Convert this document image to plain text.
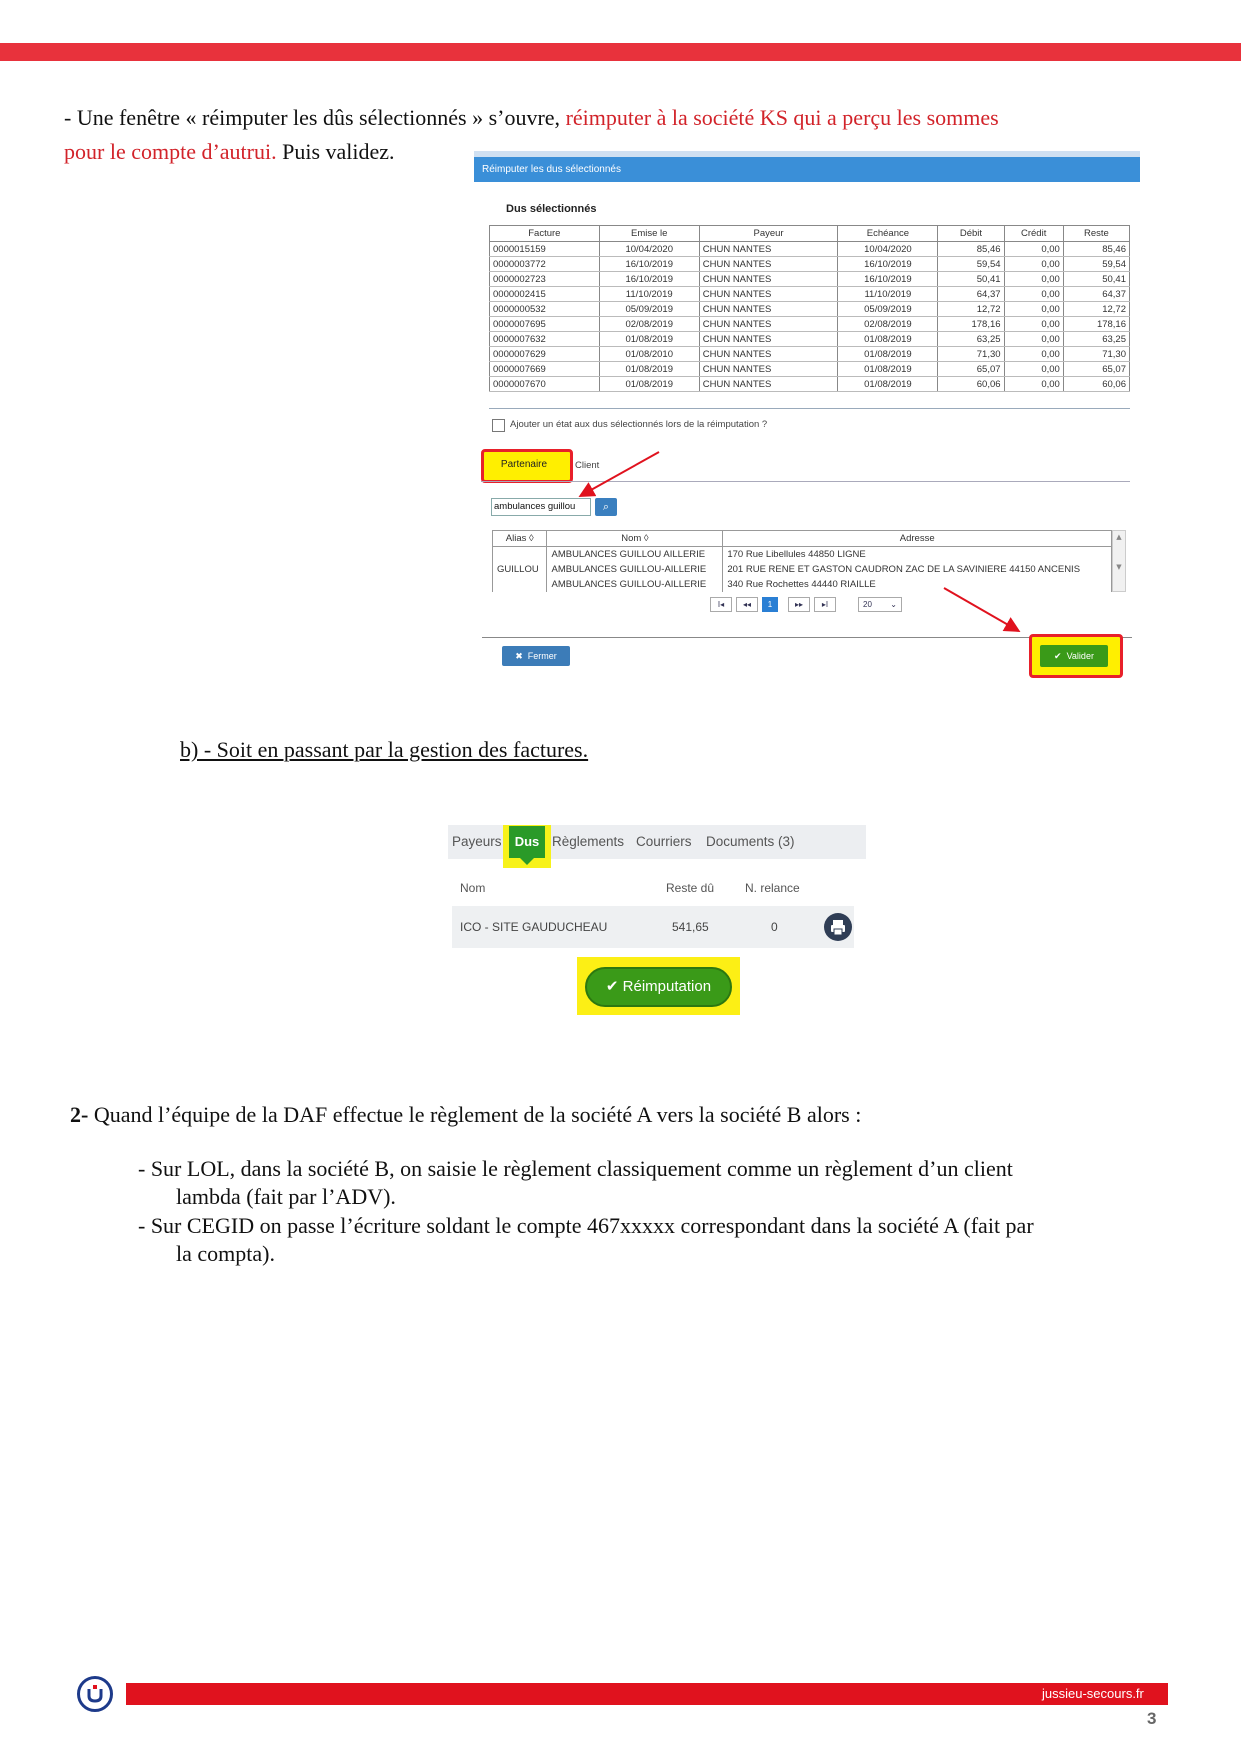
- Une fenêtre « réimputer les dûs sélectionnés » s’ouvre, réimputer à la société KS qui a perçu les sommes
pour le compte d’autrui. Puis validez.
Réimputer les dus sélectionnés
Dus sélectionnés
Facture	Emise le	Payeur	Echéance	Débit	Crédit	Reste
0000015159	10/04/2020	CHUN NANTES	10/04/2020	85,46	0,00	85,46
0000003772	16/10/2019	CHUN NANTES	16/10/2019	59,54	0,00	59,54
0000002723	16/10/2019	CHUN NANTES	16/10/2019	50,41	0,00	50,41
0000002415	11/10/2019	CHUN NANTES	11/10/2019	64,37	0,00	64,37
0000000532	05/09/2019	CHUN NANTES	05/09/2019	12,72	0,00	12,72
0000007695	02/08/2019	CHUN NANTES	02/08/2019	178,16	0,00	178,16
0000007632	01/08/2019	CHUN NANTES	01/08/2019	63,25	0,00	63,25
0000007629	01/08/2010	CHUN NANTES	01/08/2019	71,30	0,00	71,30
0000007669	01/08/2019	CHUN NANTES	01/08/2019	65,07	0,00	65,07
0000007670	01/08/2019	CHUN NANTES	01/08/2019	60,06	0,00	60,06
Ajouter un état aux dus sélectionnés lors de la réimputation ?
Partenaire	Client
ambulances guillou	⌕
Alias ◊	Nom ◊	Adresse
	AMBULANCES GUILLOU AILLERIE	170 Rue Libellules 44850 LIGNE
GUILLOU	AMBULANCES GUILLOU-AILLERIE	201 RUE RENE ET GASTON CAUDRON ZAC DE LA SAVINIERE 44150 ANCENIS
	AMBULANCES GUILLOU-AILLERIE	340 Rue Rochettes 44440 RIAILLE
▲
▼
I◂	◂◂	1	▸▸	▸I	20 ⌄
✖ Fermer	✔ Valider
b) - Soit en passant par la gestion des factures.
Payeurs	Dus Règlements Courriers Documents (3)
Nom	Reste dû	N. relance
ICO - SITE GAUDUCHEAU	541,65	0
✔ Réimputation
2- Quand l’équipe de la DAF effectue le règlement de la société A vers la société B alors :
- Sur LOL, dans la société B, on saisie le règlement classiquement comme un règlement d’un client
lambda (fait par l’ADV).
- Sur CEGID on passe l’écriture soldant le compte 467xxxxx correspondant dans la société A (fait par
la compta).
jussieu-secours.fr
3
